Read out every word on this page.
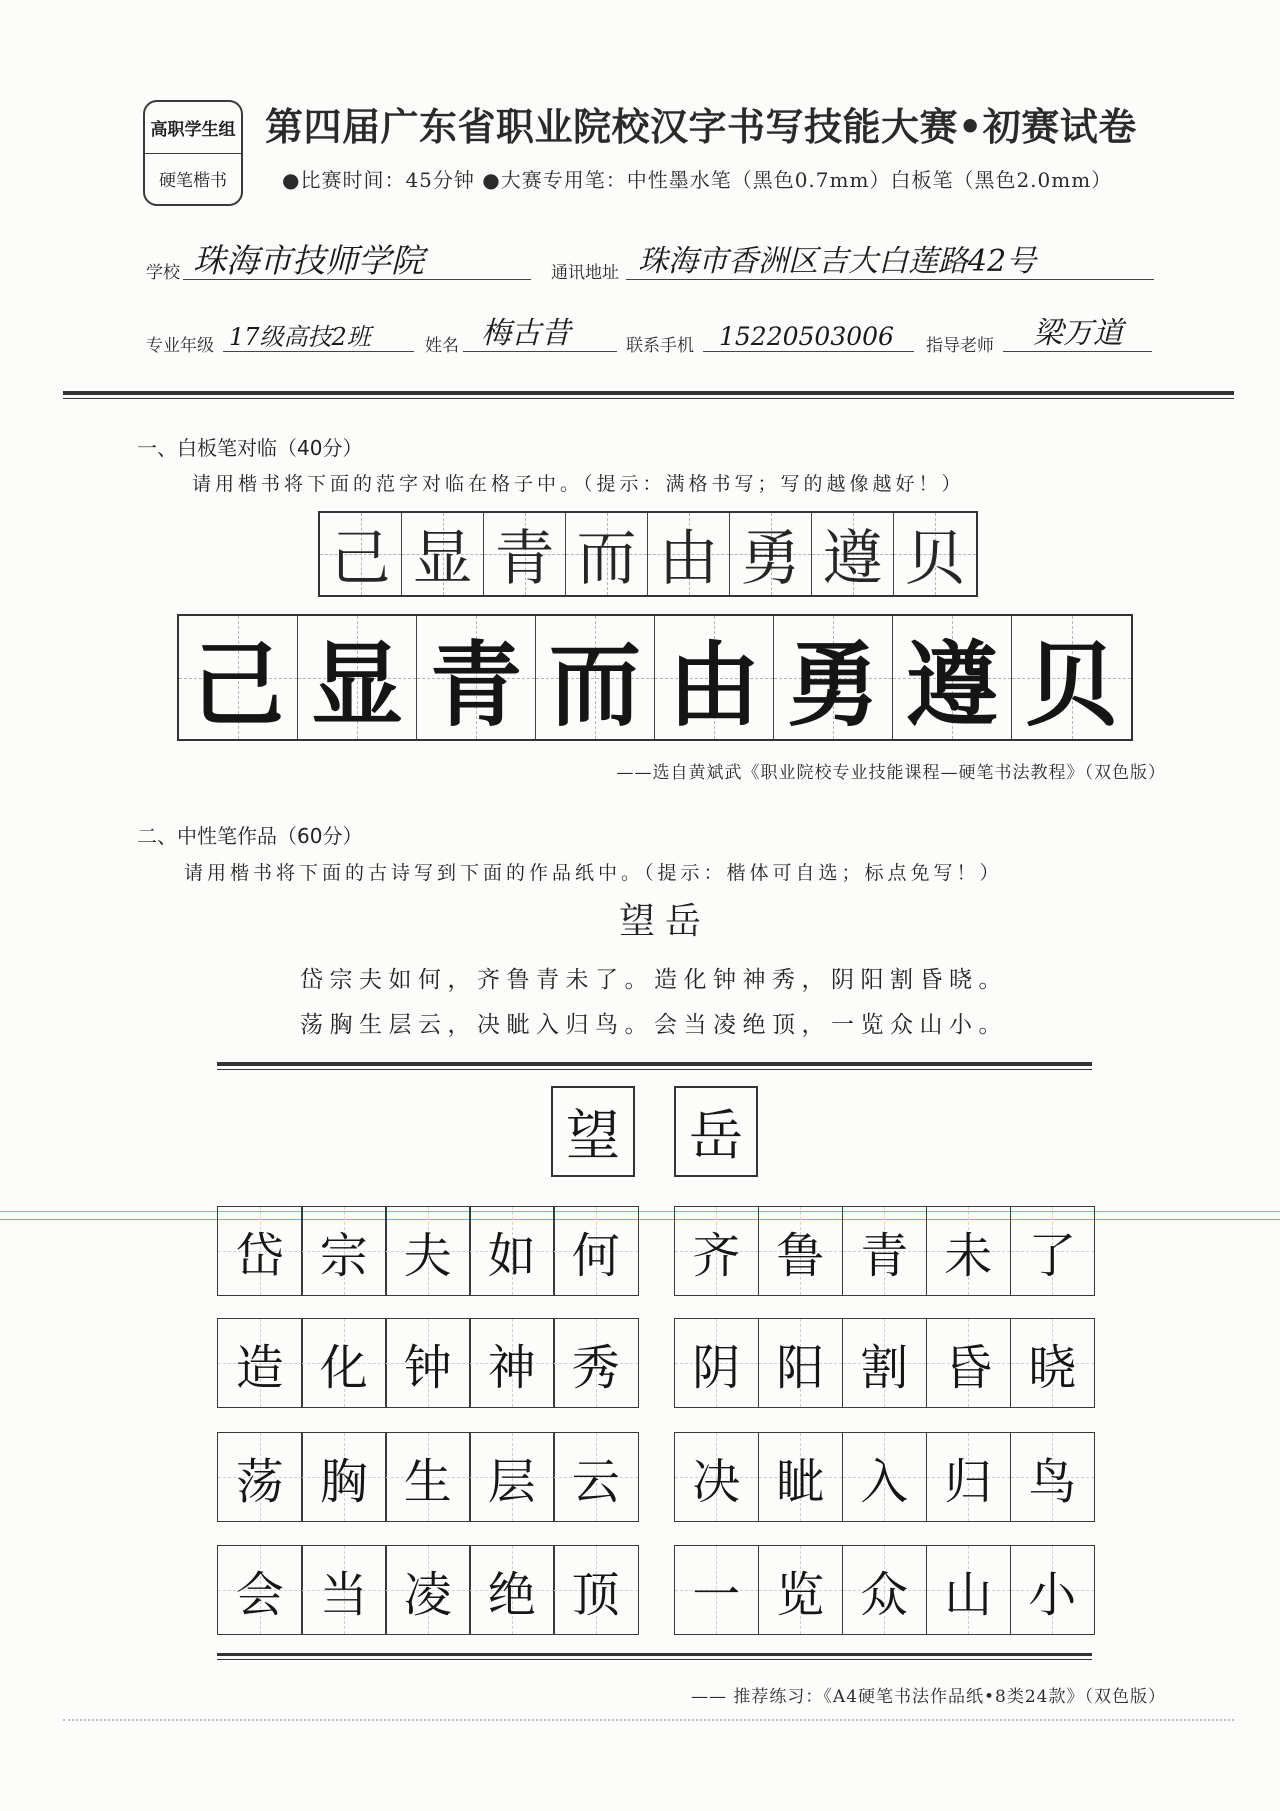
高职学生组
硬笔楷书
第四届广东省职业院校汉字书写技能大赛•初赛试卷
●比赛时间：45分钟 ●大赛专用笔：中性墨水笔（黑色0.7mm）白板笔（黑色2.0mm）
学校 珠海市技师学院	通讯地址 珠海市香洲区吉大白莲路42号
专业年级 17级高技2班	姓名 梅古昔	联系手机 15220503006 指导老师 梁万道
一、白板笔对临（40分）
请用楷书将下面的范字对临在格子中。（提示：满格书写；写的越像越好！）
己 显 青 而 由 勇 遵 贝
己 显 青 而 由 勇 遵 贝
——选自黄斌武《职业院校专业技能课程—硬笔书法教程》（双色版）
二、中性笔作品（60分）
请用楷书将下面的古诗写到下面的作品纸中。（提示：楷体可自选；标点免写！）
望岳
岱宗夫如何，齐鲁青未了。造化钟神秀，阴阳割昏晓。
荡胸生层云，决眦入归鸟。会当凌绝顶，一览众山小。
望 岳
岱 宗 夫 如 何	齐 鲁 青 未 了
造 化 钟 神 秀	阴 阳 割 昏 晓
荡 胸 生 层 云	决 眦 入 归 鸟
会 当 凌 绝 顶	一 览 众 山 小
—— 推荐练习：《A4硬笔书法作品纸•8类24款》（双色版）
